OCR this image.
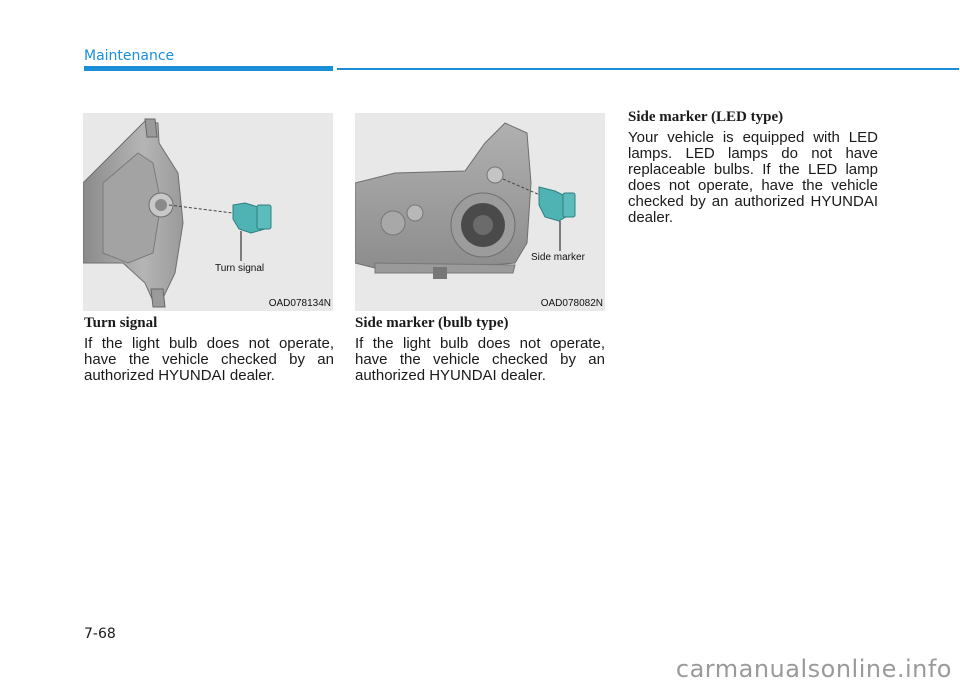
Maintenance
Turn signal
OAD078134N
Side marker
OAD078082N
Turn signal

If the light bulb does not operate, have the vehicle checked by an authorized HYUNDAI dealer.

Side marker (bulb type)

If the light bulb does not operate, have the vehicle checked by an authorized HYUNDAI dealer.

Side marker (LED type)

Your vehicle is equipped with LED lamps. LED lamps do not have replaceable bulbs. If the LED lamp does not operate, have the vehicle checked by an authorized HYUNDAI dealer.

7-68
carmanualsonline.info
